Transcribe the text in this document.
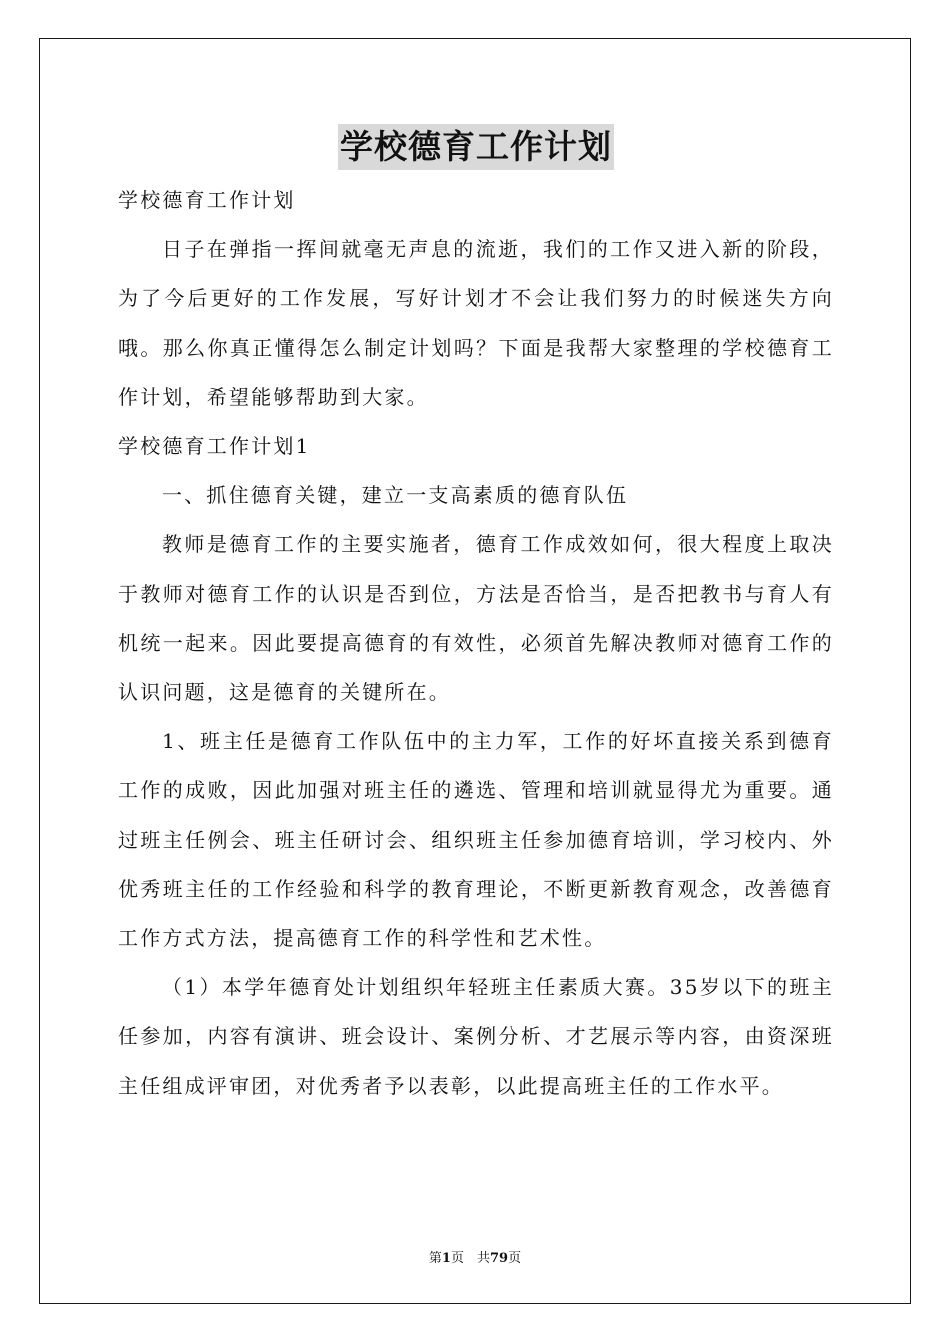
学校德育工作计划

学校德育工作计划

日子在弹指一挥间就毫无声息的流逝，我们的工作又进入新的阶段，为了今后更好的工作发展，写好计划才不会让我们努力的时候迷失方向哦。那么你真正懂得怎么制定计划吗？下面是我帮大家整理的学校德育工作计划，希望能够帮助到大家。

学校德育工作计划1

一、抓住德育关键，建立一支高素质的德育队伍

教师是德育工作的主要实施者，德育工作成效如何，很大程度上取决于教师对德育工作的认识是否到位，方法是否恰当，是否把教书与育人有机统一起来。因此要提高德育的有效性，必须首先解决教师对德育工作的认识问题，这是德育的关键所在。

1、班主任是德育工作队伍中的主力军，工作的好坏直接关系到德育工作的成败，因此加强对班主任的遴选、管理和培训就显得尤为重要。通过班主任例会、班主任研讨会、组织班主任参加德育培训，学习校内、外优秀班主任的工作经验和科学的教育理论，不断更新教育观念，改善德育工作方式方法，提高德育工作的科学性和艺术性。

（1）本学年德育处计划组织年轻班主任素质大赛。35岁以下的班主任参加，内容有演讲、班会设计、案例分析、才艺展示等内容，由资深班主任组成评审团，对优秀者予以表彰，以此提高班主任的工作水平。

第1页　共79页
